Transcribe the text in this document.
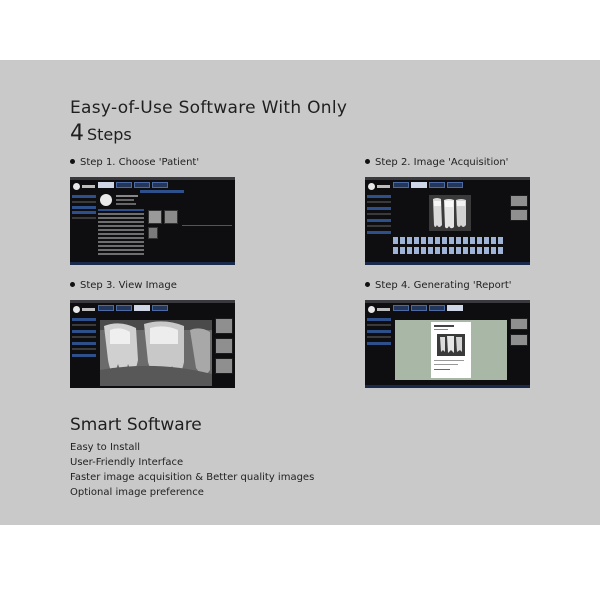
Easy-of-Use Software With Only
4 Steps
Step 1. Choose 'Patient'	Step 2. Image 'Acquisition'
Step 3. View Image	Step 4. Generating 'Report'
Smart Software
Easy to Install
User-Friendly Interface
Faster image acquisition & Better quality images
Optional image preference
